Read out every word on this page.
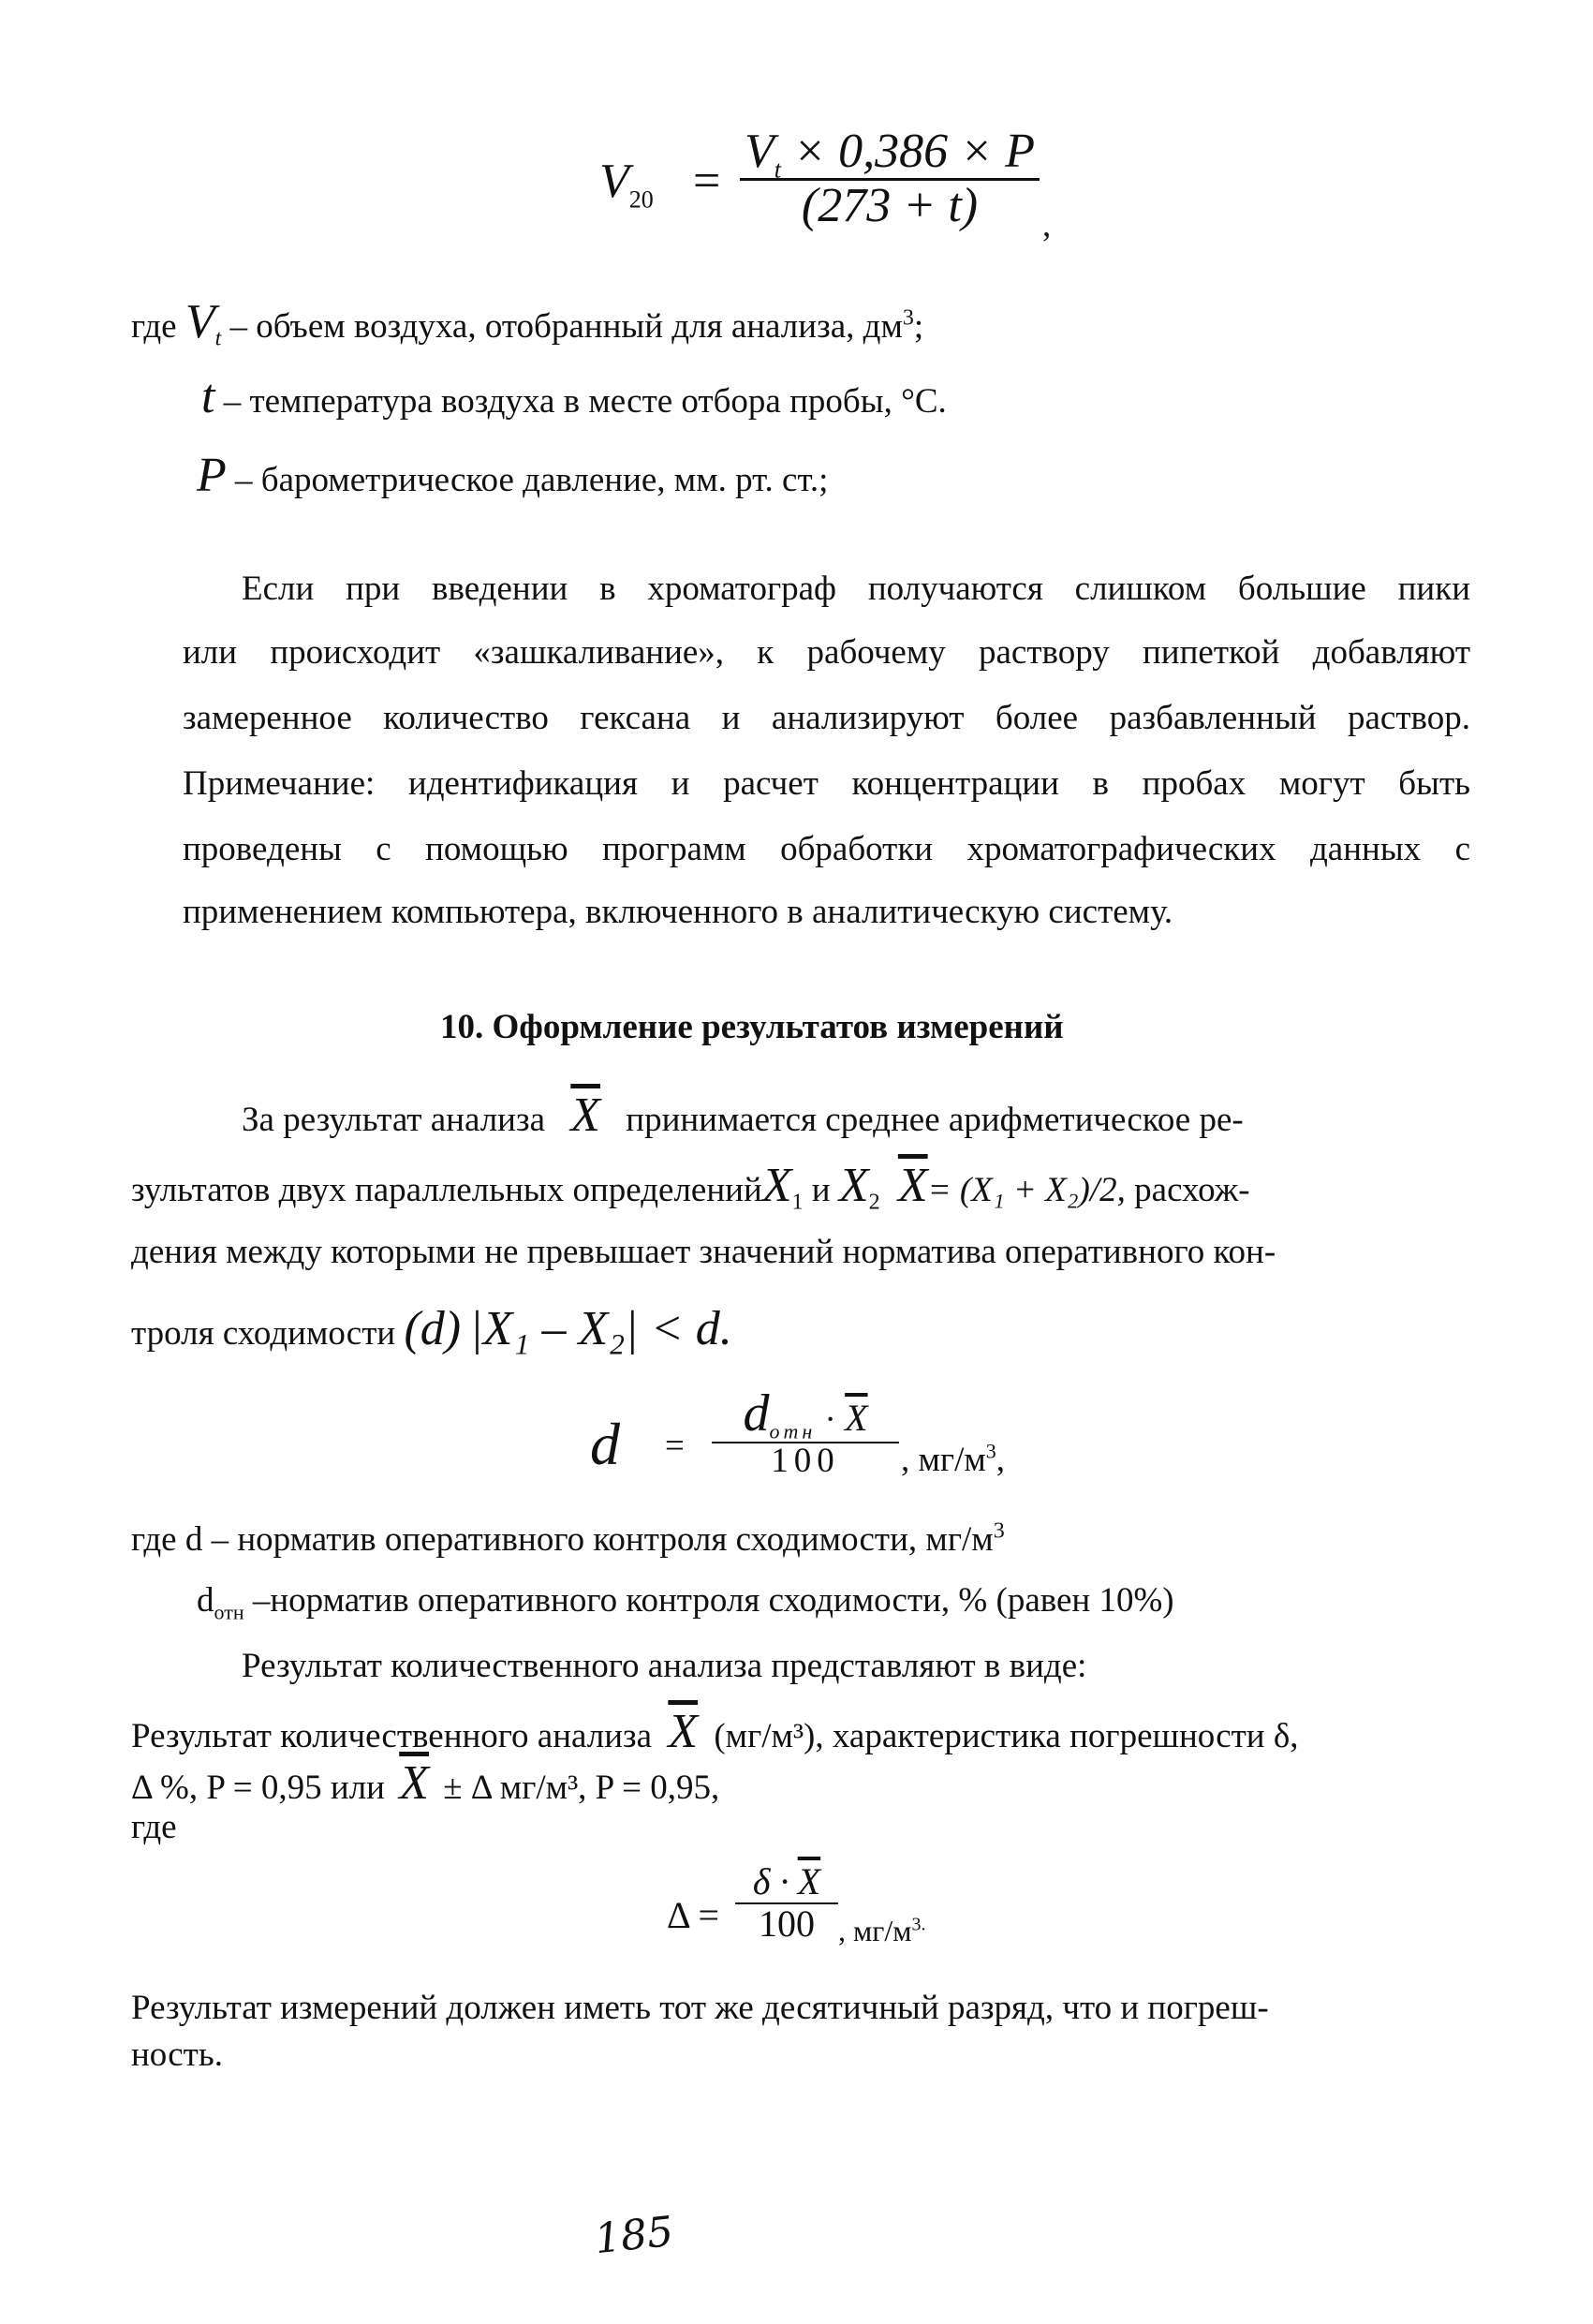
$V_{20}$ =
$V_t \times 0,386 \times P$
(273 + t) ,
где $V_t$ – объем воздуха, отобранный для анализа, $дм^3$;
t – температура воздуха в месте отбора пробы, °С.
P – барометрическое давление, мм. рт. ст.;
Если при введении в хроматограф получаются слишком большие пики
или происходит «зашкаливание», к рабочему раствору пипеткой добавляют
замеренное количество гексана и анализируют более разбавленный раствор.
Примечание: идентификация и расчет концентрации в пробах могут быть
проведены с помощью программ обработки хроматографических данных с
применением компьютера, включенного в аналитическую систему.
10. Оформление результатов измерений
За результат анализа $\overline{X}$ принимается среднее арифметическое ре-
зультатов двух параллельных определенийX$_1$ и $X_2$ $\overline{X}= (X_1 + X_2)/2$, расхож-
дения между которыми не превышает значений норматива оперативного кон-
троля сходимости (d) |X₁ – X₂| < d.
d =
$d_{отн} \cdot \overline{X}$
100 , $мг/м^3$,
где d – норматив оперативного контроля сходимости, $мг/м^3$
$d_{отн}$ –норматив оперативного контроля сходимости, % (равен 10%)
Результат количественного анализа представляют в виде:
Результат количественного анализа $\overline{X}$ (мг/м³), характеристика погрешности δ,
Δ %, P = 0,95 или $\overline{X} \pm \Delta$ мг/м³, P = 0,95,
где
Δ =
$\delta \cdot \overline{X}$
100 , $мг/м^{3.}$
Результат измерений должен иметь тот же десятичный разряд, что и погреш-
ность.
185
